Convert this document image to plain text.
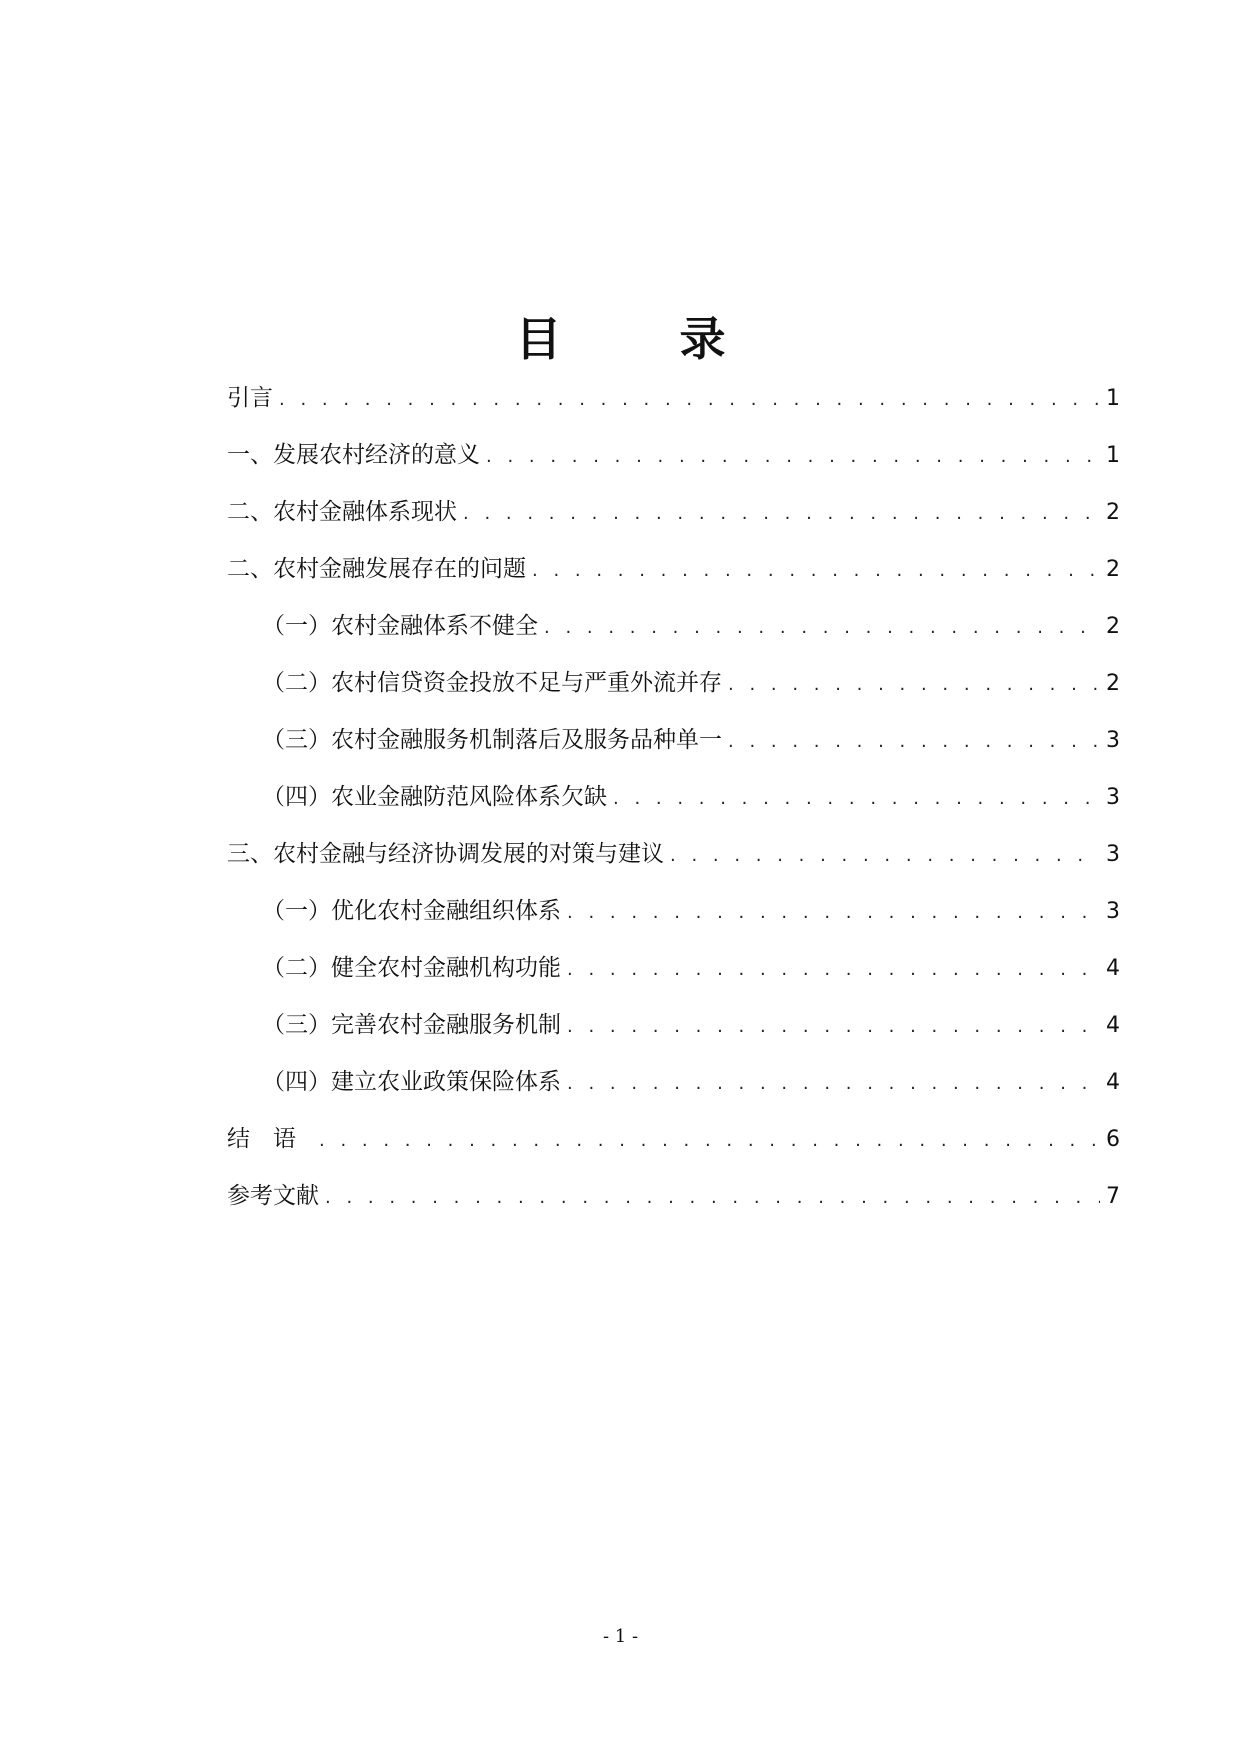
目	录
引言 . . .	1
一、发展农村经济的意义 . . .	1
二、农村金融体系现状 . . .	2
二、农村金融发展存在的问题 . . .	2
（一）农村金融体系不健全 . . .	2
（二）农村信贷资金投放不足与严重外流并存 . . .	2
（三）农村金融服务机制落后及服务品种单一 . . .	3
（四）农业金融防范风险体系欠缺 . . .	3
三、农村金融与经济协调发展的对策与建议 . . .	3
（一）优化农村金融组织体系 . . .	3
（二）健全农村金融机构功能 . . .	4
（三）完善农村金融服务机制 . . .	4
（四）建立农业政策保险体系 . . .	4
结语 . . .	6
参考文献 . . .	7
- 1 -
